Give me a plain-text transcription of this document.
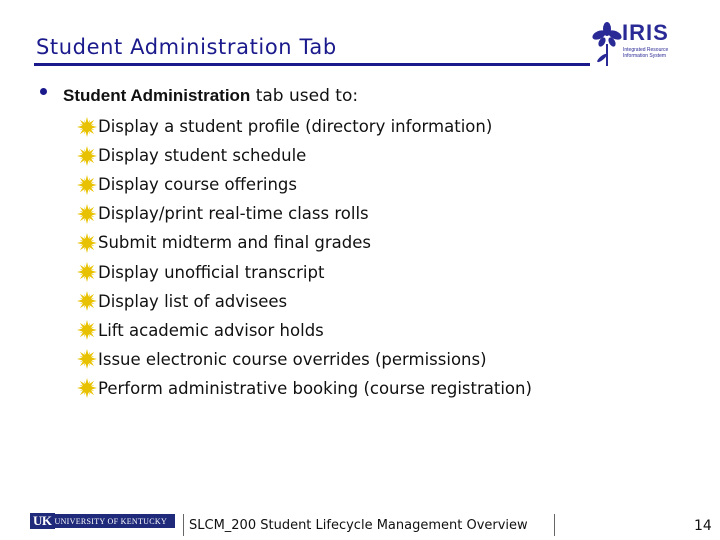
Student Administration Tab
IRIS
Integrated Resource Information System
Student Administration tab used to:
Display a student profile (directory information)
Display student schedule
Display course offerings
Display/print real-time class rolls
Submit midterm and final grades
Display unofficial transcript
Display list of advisees
Lift academic advisor holds
Issue electronic course overrides (permissions)
Perform administrative booking (course registration)
UK UNIVERSITY OF KENTUCKY	SLCM_200 Student Lifecycle Management Overview	14
